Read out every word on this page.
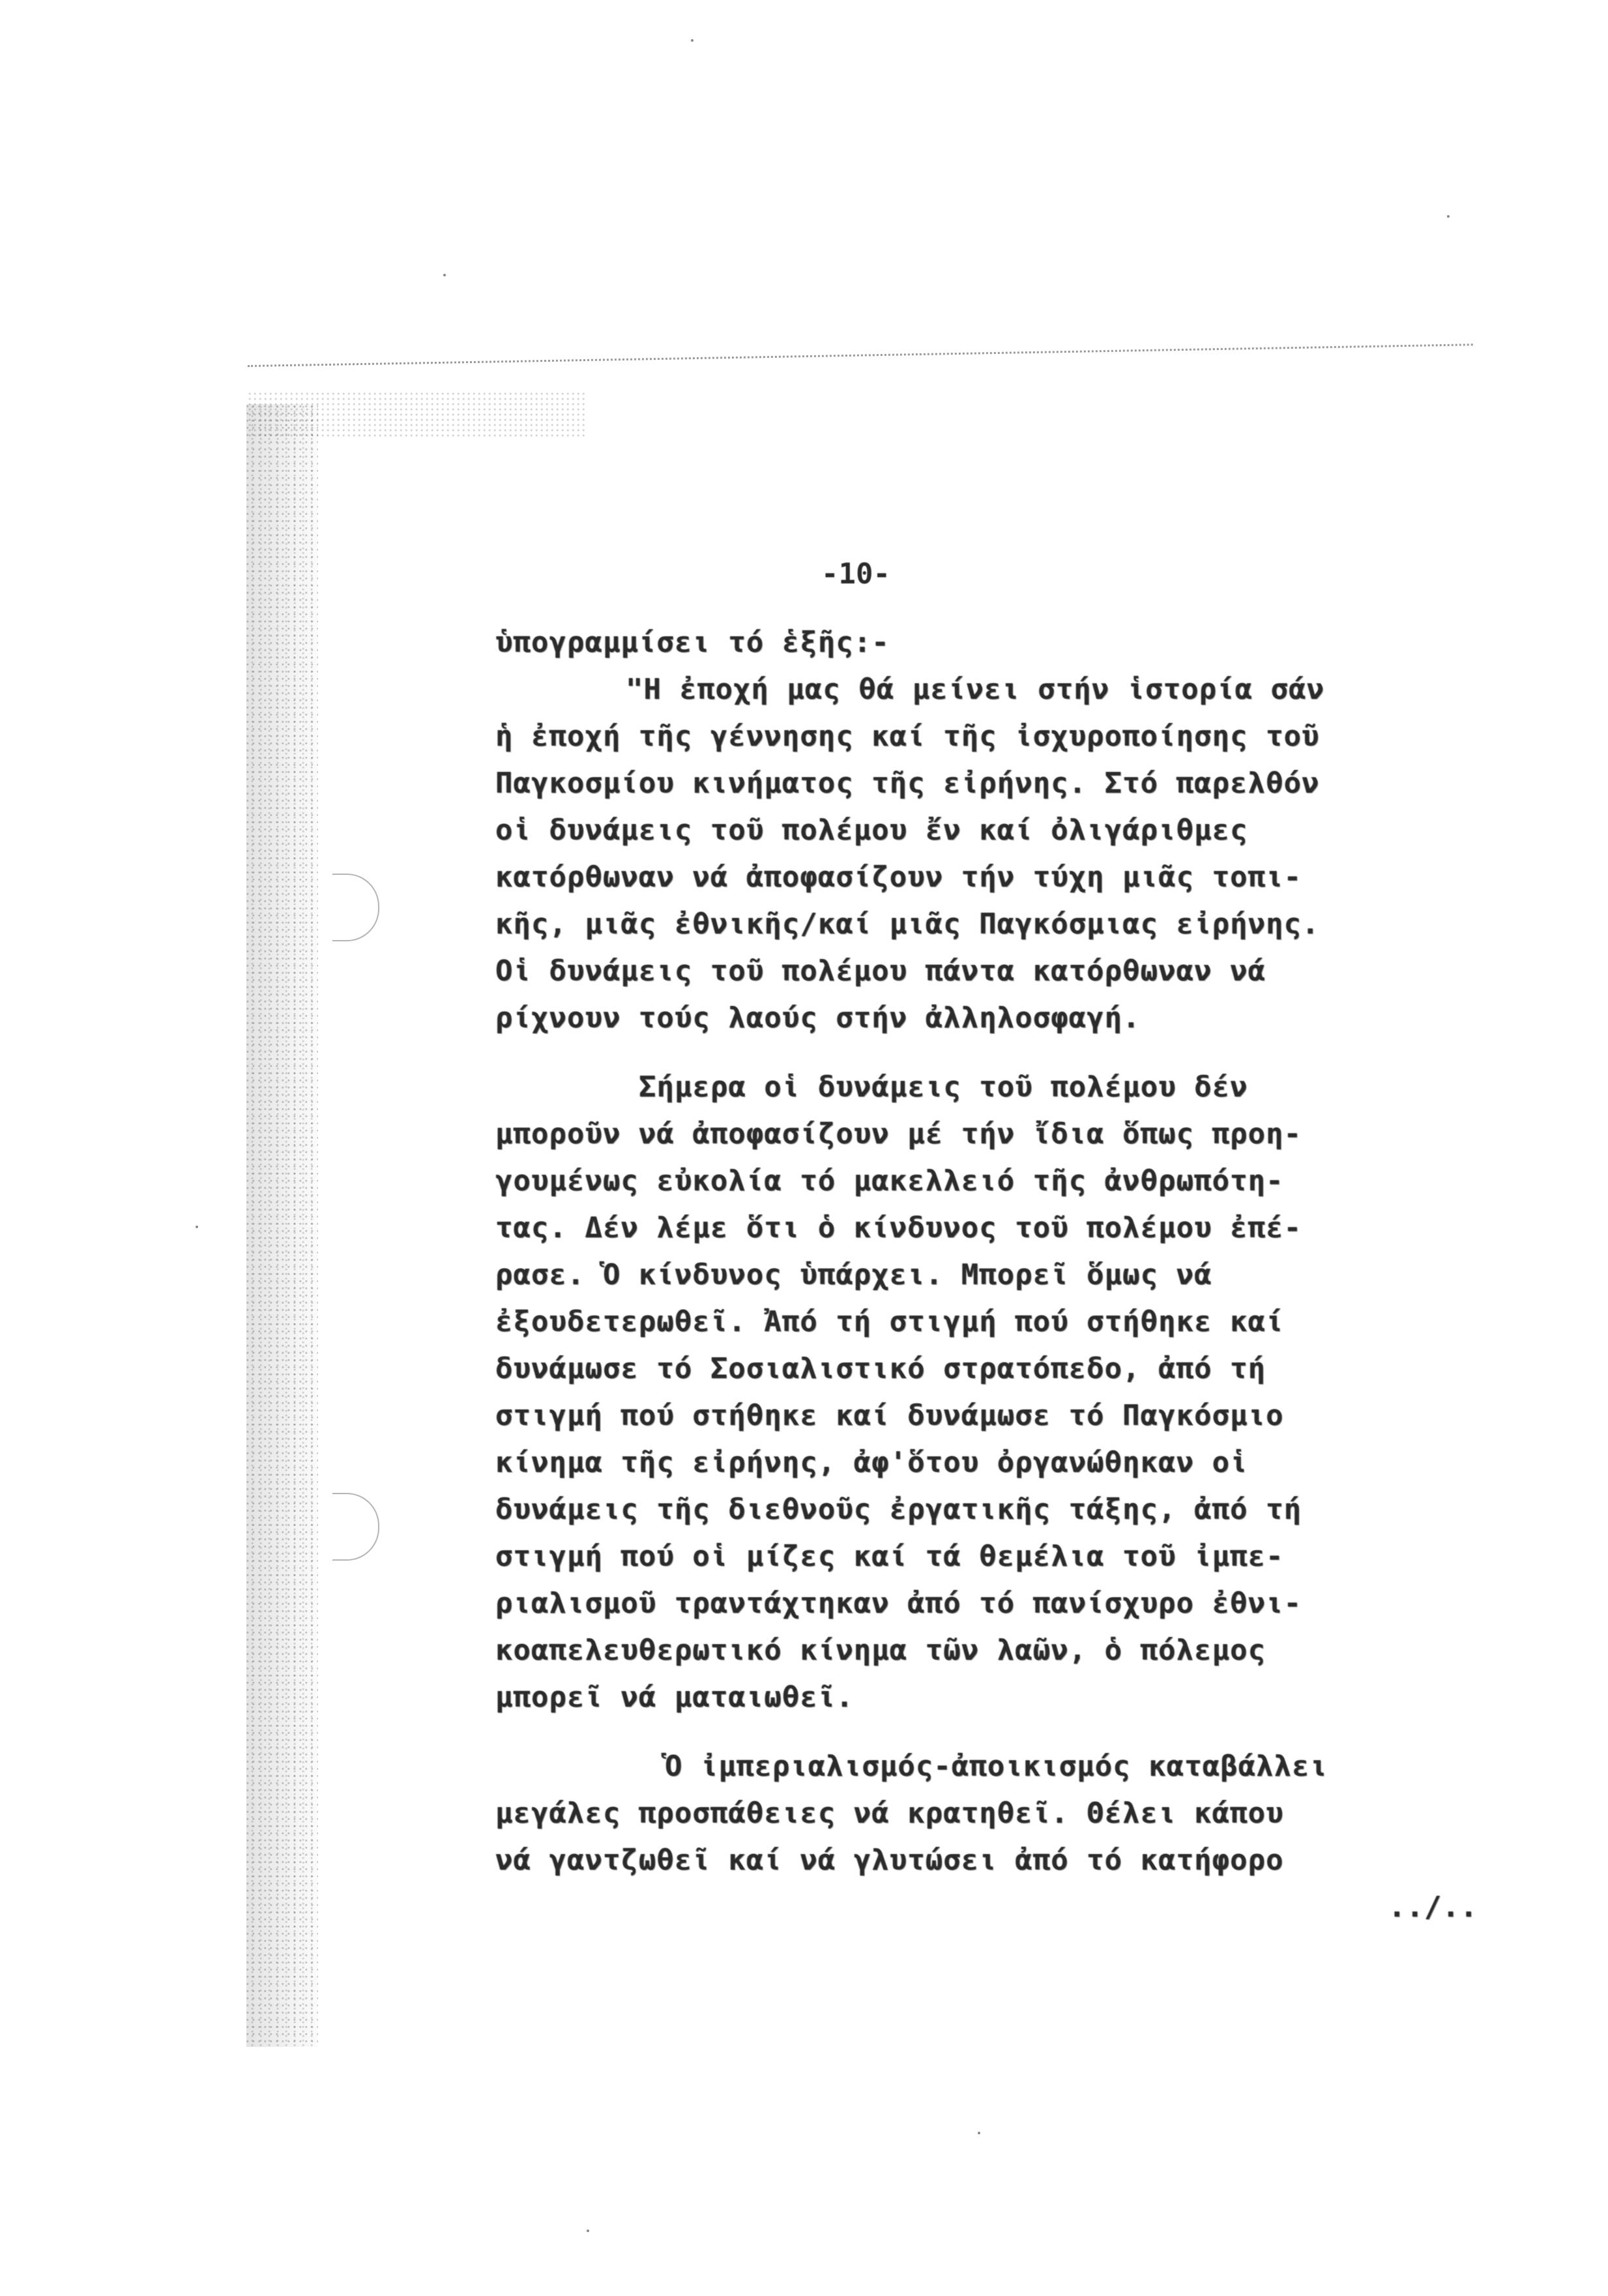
-10-
ὑπογραμμίσει τό ἑξῆς:-
"Η ἐποχή μας θά μείνει στήν ἱστορία σάν
ἡ ἐποχή τῆς γέννησης καί τῆς ἰσχυροποίησης τοῦ
Παγκοσμίου κινήματος τῆς εἰρήνης. Στό παρελθόν
οἱ δυνάμεις τοῦ πολέμου ἔν καί ὀλιγάριθμες
κατόρθωναν νά ἀποφασίζουν τήν τύχη μιᾶς τοπι-
κῆς, μιᾶς ἐθνικῆς/καί μιᾶς Παγκόσμιας εἰρήνης.
Οἱ δυνάμεις τοῦ πολέμου πάντα κατόρθωναν νά
ρίχνουν τούς λαούς στήν ἀλληλοσφαγή.
Σήμερα οἱ δυνάμεις τοῦ πολέμου δέν
μποροῦν νά ἀποφασίζουν μέ τήν ἴδια ὅπως προη-
γουμένως εὐκολία τό μακελλειό τῆς ἀνθρωπότη-
τας. Δέν λέμε ὅτι ὁ κίνδυνος τοῦ πολέμου ἐπέ-
ρασε. Ὁ κίνδυνος ὑπάρχει. Μπορεῖ ὅμως νά
ἐξουδετερωθεῖ. Ἀπό τή στιγμή πού στήθηκε καί
δυνάμωσε τό Σοσιαλιστικό στρατόπεδο, ἀπό τή
στιγμή πού στήθηκε καί δυνάμωσε τό Παγκόσμιο
κίνημα τῆς εἰρήνης, ἀφ'ὅτου ὀργανώθηκαν οἱ
δυνάμεις τῆς διεθνοῦς ἐργατικῆς τάξης, ἀπό τή
στιγμή πού οἱ μίζες καί τά θεμέλια τοῦ ἰμπε-
ριαλισμοῦ τραντάχτηκαν ἀπό τό πανίσχυρο ἐθνι-
κοαπελευθερωτικό κίνημα τῶν λαῶν, ὁ πόλεμος
μπορεῖ νά ματαιωθεῖ.
Ὁ ἰμπεριαλισμός-ἀποικισμός καταβάλλει
μεγάλες προσπάθειες νά κρατηθεῖ. Θέλει κάπου
νά γαντζωθεῖ καί νά γλυτώσει ἀπό τό κατήφορο
../..
